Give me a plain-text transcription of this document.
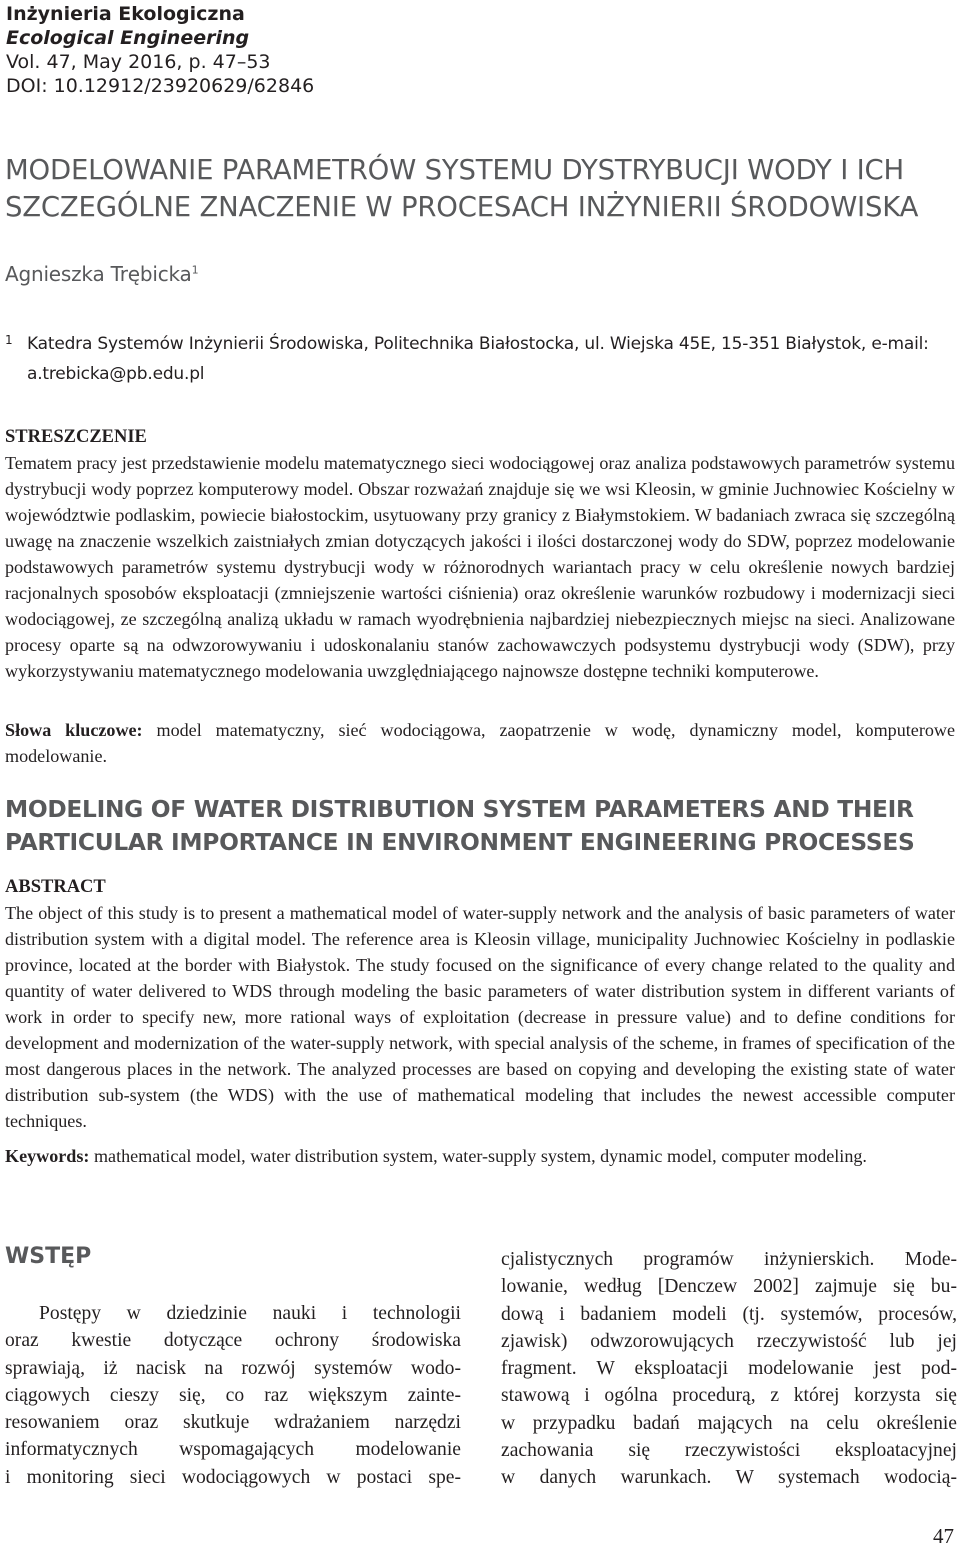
Inżynieria Ekologiczna
Ecological Engineering
Vol. 47, May 2016, p. 47–53
DOI: 10.12912/23920629/62846
MODELOWANIE PARAMETRÓW SYSTEMU DYSTRYBUCJI WODY I ICH SZCZEGÓLNE ZNACZENIE W PROCESACH INŻYNIERII ŚRODOWISKA
Agnieszka Trębicka$^1$
1 Katedra Systemów Inżynierii Środowiska, Politechnika Białostocka, ul. Wiejska 45E, 15-351 Białystok, e-mail:
a.trebicka@pb.edu.pl
STRESZCZENIE
Tematem pracy jest przedstawienie modelu matematycznego sieci wodociągowej oraz analiza podstawowych parametrów systemu dystrybucji wody poprzez komputerowy model. Obszar rozważań znajduje się we wsi Kleosin, w gminie Juchnowiec Kościelny w województwie podlaskim, powiecie białostockim, usytuowany przy granicy z Białymstokiem. W badaniach zwraca się szczególną uwagę na znaczenie wszelkich zaistniałych zmian dotyczących jakości i ilości dostarczonej wody do SDW, poprzez modelowanie podstawowych parametrów systemu dystrybucji wody w różnorodnych wariantach pracy w celu określenie nowych bardziej racjonalnych sposobów eksploatacji (zmniejszenie wartości ciśnienia) oraz określenie warunków rozbudowy i modernizacji sieci wodociągowej, ze szczególną analizą układu w ramach wyodrębnienia najbardziej niebezpiecznych miejsc na sieci. Analizowane procesy oparte są na odwzorowywaniu i udoskonalaniu stanów zachowawczych podsystemu dystrybucji wody (SDW), przy wykorzystywaniu matematycznego modelowania uwzględniającego najnowsze dostępne techniki komputerowe.
Słowa kluczowe: model matematyczny, sieć wodociągowa, zaopatrzenie w wodę, dynamiczny model, komputerowe modelowanie.
MODELING OF WATER DISTRIBUTION SYSTEM PARAMETERS AND THEIR PARTICULAR IMPORTANCE IN ENVIRONMENT ENGINEERING PROCESSES
ABSTRACT
The object of this study is to present a mathematical model of water-supply network and the analysis of basic parameters of water distribution system with a digital model. The reference area is Kleosin village, municipality Juchnowiec Kościelny in podlaskie province, located at the border with Białystok. The study focused on the significance of every change related to the quality and quantity of water delivered to WDS through modeling the basic parameters of water distribution system in different variants of work in order to specify new, more rational ways of exploitation (decrease in pressure value) and to define conditions for development and modernization of the water-supply network, with special analysis of the scheme, in frames of specification of the most dangerous places in the network. The analyzed processes are based on copying and developing the existing state of water distribution sub-system (the WDS) with the use of mathematical modeling that includes the newest accessible computer techniques.
Keywords: mathematical model, water distribution system, water-supply system, dynamic model, computer modeling.
WSTĘP

Postępy w dziedzinie nauki i technologii

oraz kwestie dotyczące ochrony środowiska

sprawiają, iż nacisk na rozwój systemów wodo-

ciągowych cieszy się, co raz większym zainte-

resowaniem oraz skutkuje wdrażaniem narzędzi

informatycznych wspomagających modelowanie

i monitoring sieci wodociągowych w postaci spe-

cjalistycznych programów inżynierskich. Mode-

lowanie, według [Denczew 2002] zajmuje się bu-

dową i badaniem modeli (tj. systemów, procesów,

zjawisk) odwzorowujących rzeczywistość lub jej

fragment. W eksploatacji modelowanie jest pod-

stawową i ogólna procedurą, z której korzysta się

w przypadku badań mających na celu określenie

zachowania się rzeczywistości eksploatacyjnej

w danych warunkach. W systemach wodocią-

47
